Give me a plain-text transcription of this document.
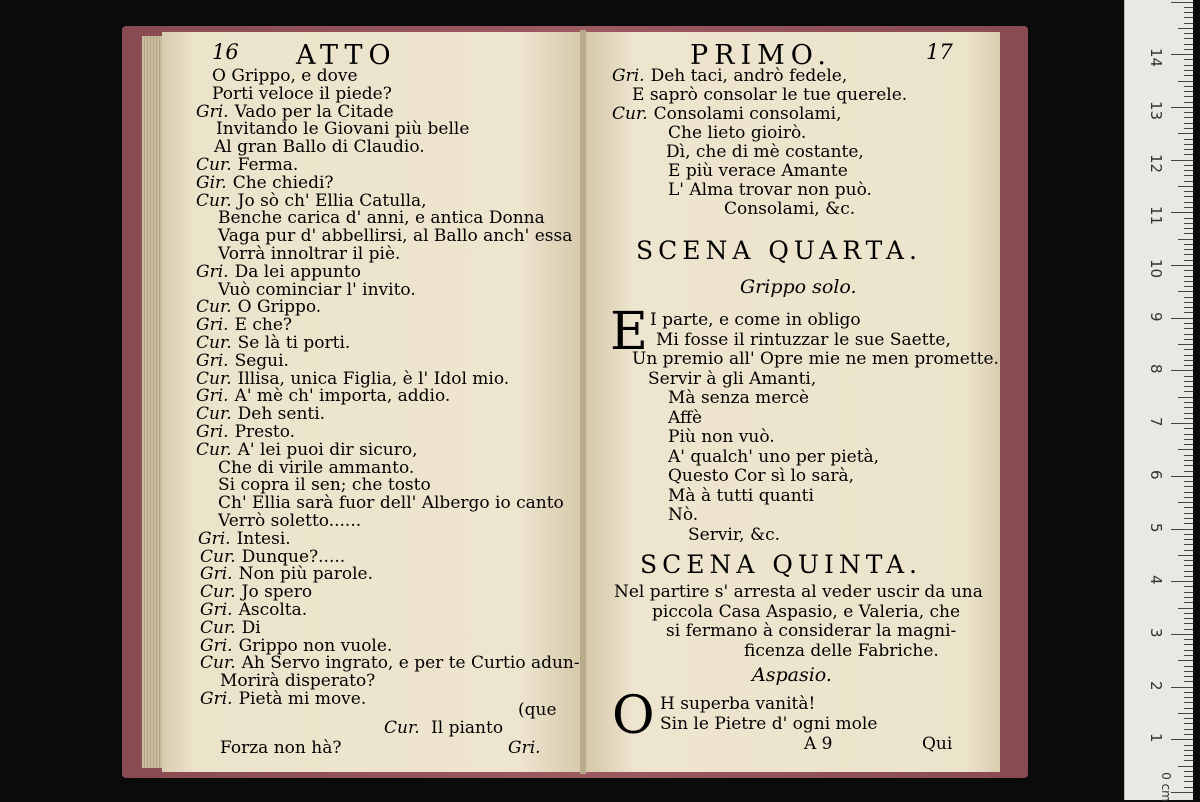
16 ATTO
O Grippo, e dove
Porti veloce il piede?
Gri. Vado per la Citade
Invitando le Giovani più belle
Al gran Ballo di Claudio.
Cur. Ferma.
Gir. Che chiedi?
Cur. Jo sò ch' Ellia Catulla,
Benche carica d' anni, e antica Donna
Vaga pur d' abbellirsi, al Ballo anch' essa
Vorrà innoltrar il piè.
Gri. Da lei appunto
Vuò cominciar l' invito.
Cur. O Grippo.
Gri. E che?
Cur. Se là ti porti.
Gri. Segui.
Cur. Illisa, unica Figlia, è l' Idol mio.
Gri. A' mè ch' importa, addio.
Cur. Deh senti.
Gri. Presto.
Cur. A' lei puoi dir sicuro,
Che di virile ammanto.
Si copra il sen; che tosto
Ch' Ellia sarà fuor dell' Albergo io canto
Verrò soletto......
Gri. Intesi.
Cur. Dunque?.....
Gri. Non più parole.
Cur. Jo spero
Gri. Ascolta.
Cur. Di
Gri. Grippo non vuole.
Cur. Ah Servo ingrato, e per te Curtio adun-
Morirà disperato?
Gri. Pietà mi move.
(que
Cur. Il pianto
Forza non hà?	Gri.
PRIMO.	17
Gri. Deh taci, andrò fedele,
E saprò consolar le tue querele.
Cur. Consolami consolami,
Che lieto gioirò.
Dì, che di mè costante,
E più verace Amante
L' Alma trovar non può.
Consolami, &c.
SCENA QUARTA.
Grippo solo.
E I parte, e come in obligo
Mi fosse il rintuzzar le sue Saette,
Un premio all' Opre mie ne men promette.
Servir à gli Amanti,
Mà senza mercè
Affè
Più non vuò.
A' qualch' uno per pietà,
Questo Cor sì lo sarà,
Mà à tutti quanti
Nò.
Servir, &c.
SCENA QUINTA.
Nel partire s' arresta al veder uscir da una
piccola Casa Aspasio, e Valeria, che
si fermano à considerar la magni-
ficenza delle Fabriche.
Aspasio.
O H superba vanità!
Sin le Pietre d' ogni mole
A 9	Qui	1
2
3
4
5
6
7
8
9
10
11
12
13
14
0 cm
